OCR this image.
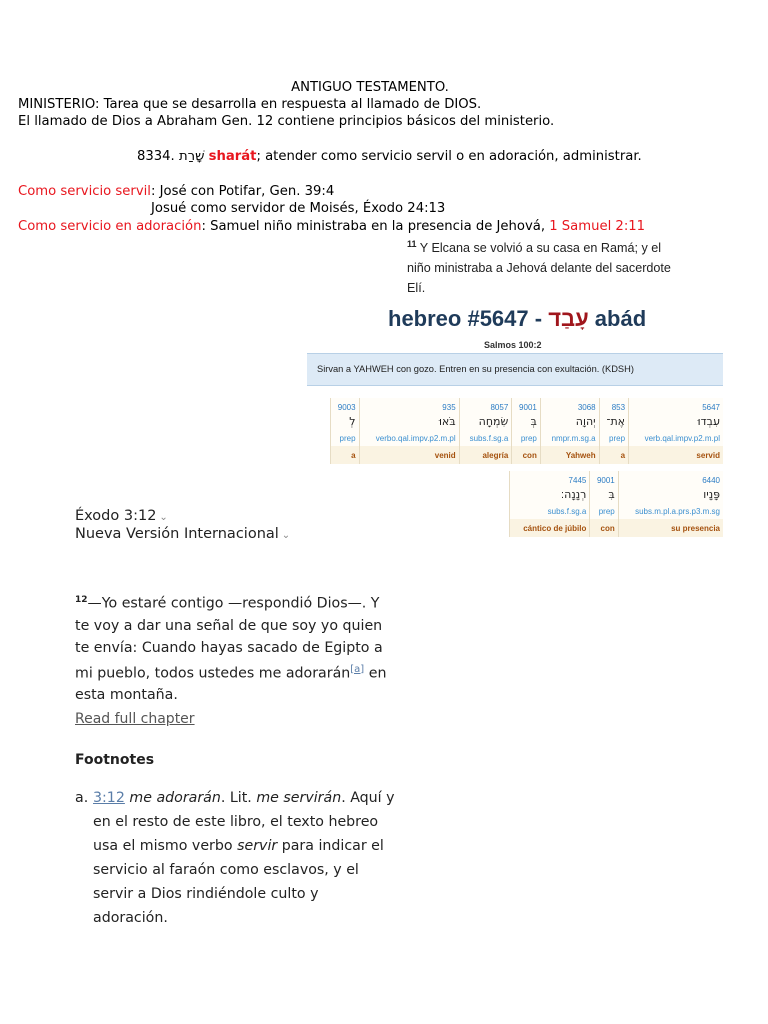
ANTIGUO TESTAMENTO.
MINISTERIO: Tarea que se desarrolla en respuesta al llamado de DIOS.
El llamado de Dios a Abraham Gen. 12 contiene principios básicos del ministerio.
8334. שָׁרַת sharát; atender como servicio servil o en adoración, administrar.
Como servicio servil: José con Potifar, Gen. 39:4
Josué como servidor de Moisés, Éxodo 24:13
Como servicio en adoración: Samuel niño ministraba en la presencia de Jehová, 1 Samuel 2:11
$^{11}$ Y Elcana se volvió a su casa en Ramá; y el niño ministraba a Jehová delante del sacerdote Elí.
hebreo #5647 - עָבַד abád
Salmos 100:2
Sirvan a YAHWEH con gozo. Entren en su presencia con exultación. (KDSH)
9003	935	8057	9001	3068	853	5647
לְ	בֹּאוּ	שִׂמְחָה	בְּ	יְהוָה	אֶת־	עִבְדוּ
prep	verbo.qal.impv.p2.m.pl	subs.f.sg.a	prep	nmpr.m.sg.a	prep	verb.qal.impv.p2.m.pl
a	venid	alegría	con	Yahweh	a	servid
7445	9001	6440
רְנָנָה׃	בִּ	פָּנָיו
subs.f.sg.a	prep	subs.m.pl.a.prs.p3.m.sg
cántico de júbilo	con	su presencia
Éxodo 3:12 ⌄
Nueva Versión Internacional ⌄
$^{12}$—Yo estaré contigo —respondió Dios—. Y te voy a dar una señal de que soy yo quien te envía: Cuando hayas sacado de Egipto a mi pueblo, todos ustedes me adorarán[a] en esta montaña.
Read full chapter
Footnotes
a. 3:12 me adorarán. Lit. me servirán. Aquí y en el resto de este libro, el texto hebreo usa el mismo verbo servir para indicar el servicio al faraón como esclavos, y el servir a Dios rindiéndole culto y adoración.
